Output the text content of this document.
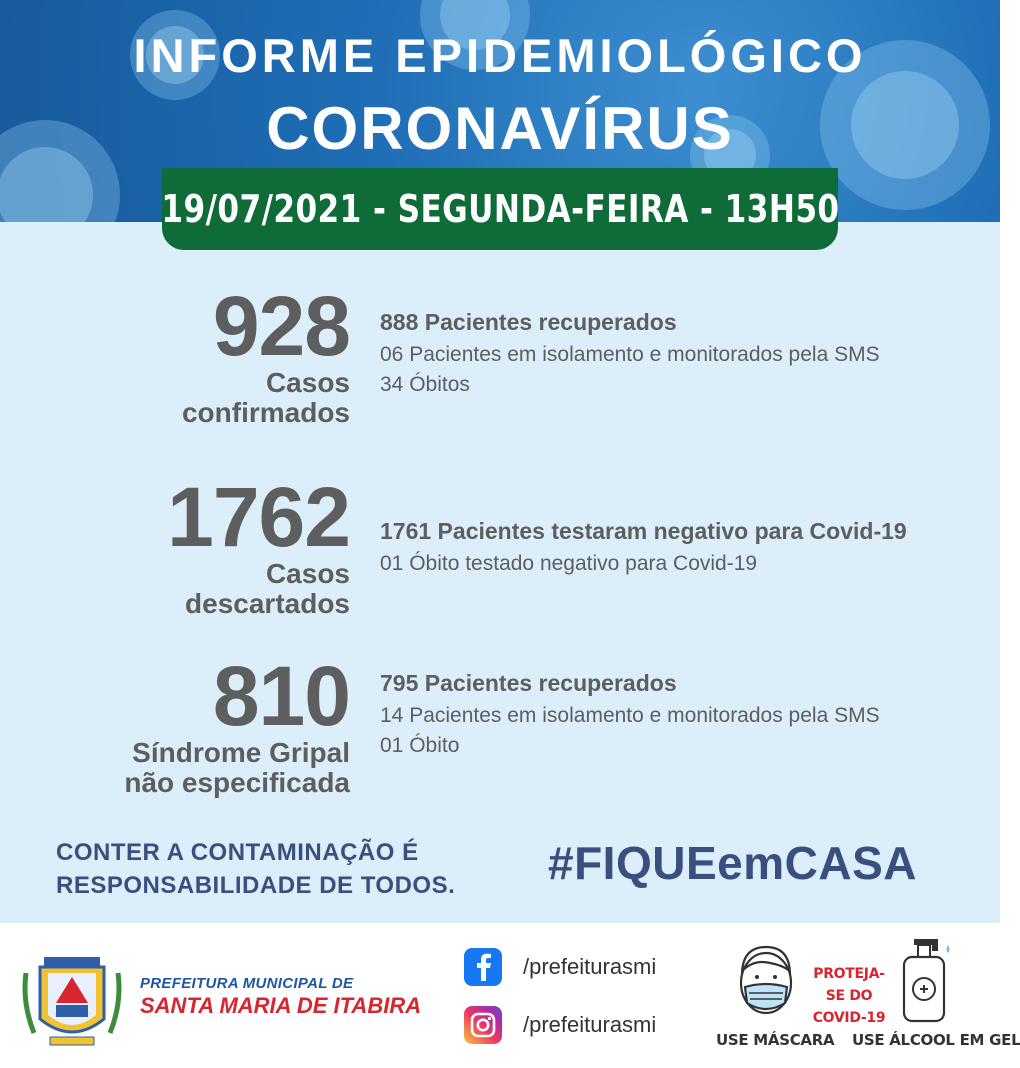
INFORME EPIDEMIOLÓGICO
CORONAVÍRUS
19/07/2021 - SEGUNDA-FEIRA - 13H50
928
Casos
confirmados
888 Pacientes recuperados
06 Pacientes em isolamento e monitorados pela SMS
34 Óbitos
1762
Casos
descartados
1761 Pacientes testaram negativo para Covid-19
01 Óbito testado negativo para Covid-19
810
Síndrome Gripal
não especificada
795 Pacientes recuperados
14 Pacientes em isolamento e monitorados pela SMS
01 Óbito
CONTER A CONTAMINAÇÃO É
RESPONSABILIDADE DE TODOS. #FIQUEemCASA
PREFEITURA MUNICIPAL DE
SANTA MARIA DE ITABIRA
/prefeiturasmi
/prefeiturasmi
PROTEJA-SE DO COVID-19
USE MÁSCARA USE ÁLCOOL EM GEL
